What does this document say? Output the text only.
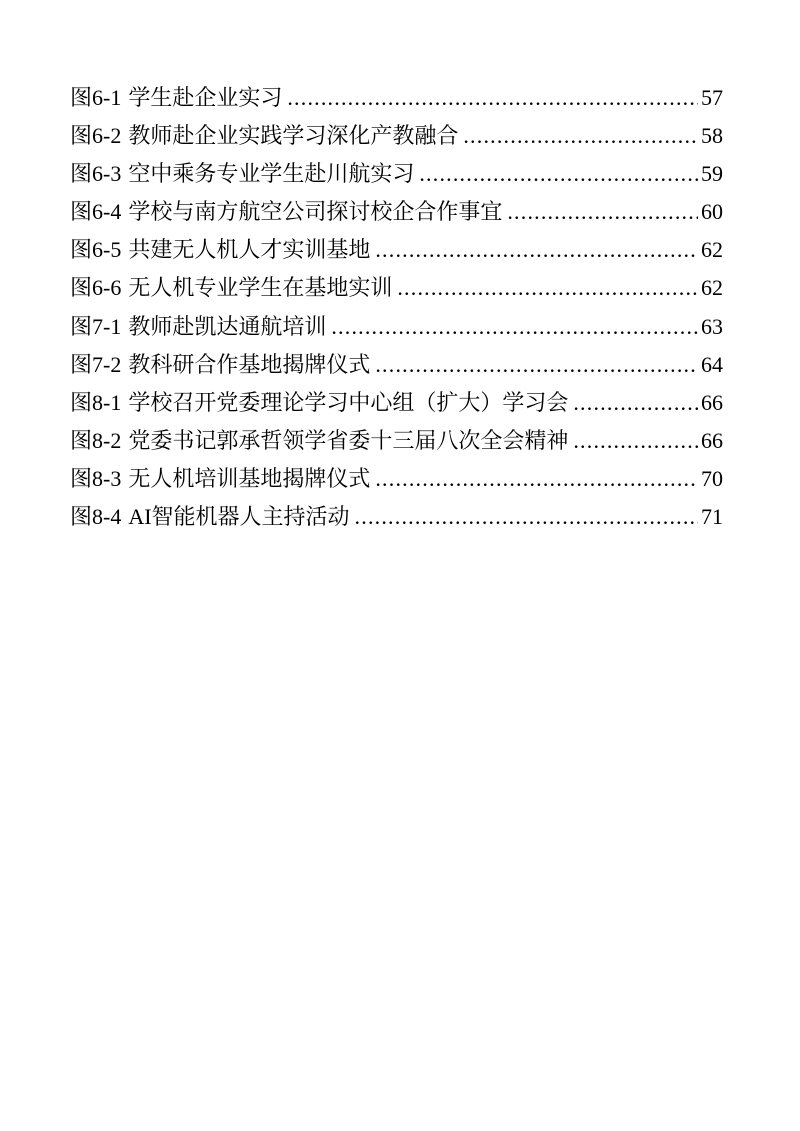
图6-1 学生赴企业实习 .....	57
图6-2 教师赴企业实践学习深化产教融合 .....	58
图6-3 空中乘务专业学生赴川航实习 .....	59
图6-4 学校与南方航空公司探讨校企合作事宜 .....	60
图6-5 共建无人机人才实训基地 .....	62
图6-6 无人机专业学生在基地实训 .....	62
图7-1 教师赴凯达通航培训 .....	63
图7-2 教科研合作基地揭牌仪式 .....	64
图8-1 学校召开党委理论学习中心组（扩大）学习会 .....	66
图8-2 党委书记郭承哲领学省委十三届八次全会精神 .....	66
图8-3 无人机培训基地揭牌仪式 .....	70
图8-4 AI智能机器人主持活动 .....	71
